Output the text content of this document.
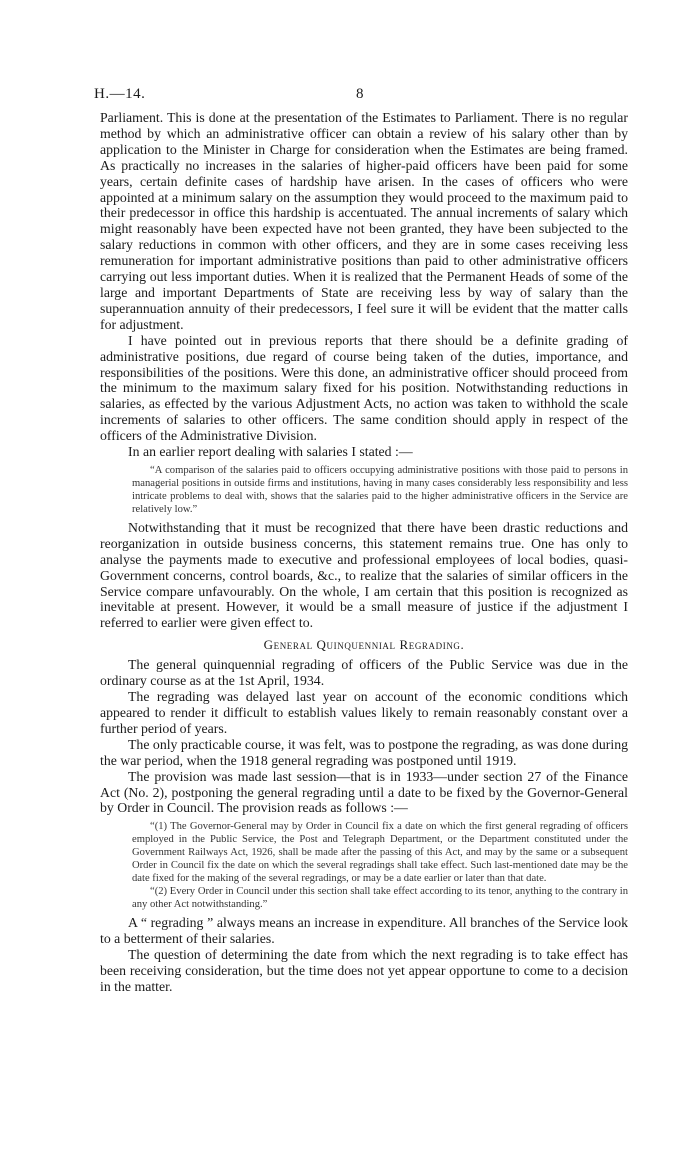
H.—14.	8

Parliament. This is done at the presentation of the Estimates to Parliament. There is no regular method by which an administrative officer can obtain a review of his salary other than by application to the Minister in Charge for consideration when the Estimates are being framed. As practically no increases in the salaries of higher-paid officers have been paid for some years, certain definite cases of hardship have arisen. In the cases of officers who were appointed at a minimum salary on the assumption they would proceed to the maximum paid to their predecessor in office this hardship is accentuated. The annual increments of salary which might reasonably have been expected have not been granted, they have been subjected to the salary reductions in common with other officers, and they are in some cases receiving less remuneration for important administrative positions than paid to other administrative officers carrying out less important duties. When it is realized that the Permanent Heads of some of the large and important Departments of State are receiving less by way of salary than the superannuation annuity of their predecessors, I feel sure it will be evident that the matter calls for adjustment.

I have pointed out in previous reports that there should be a definite grading of administrative positions, due regard of course being taken of the duties, importance, and responsibilities of the positions. Were this done, an administrative officer should proceed from the minimum to the maximum salary fixed for his position. Notwithstanding reductions in salaries, as effected by the various Adjustment Acts, no action was taken to withhold the scale increments of salaries to other officers. The same condition should apply in respect of the officers of the Administrative Division.

In an earlier report dealing with salaries I stated :—

“A comparison of the salaries paid to officers occupying administrative positions with those paid to persons in managerial positions in outside firms and institutions, having in many cases considerably less responsibility and less intricate problems to deal with, shows that the salaries paid to the higher administrative officers in the Service are relatively low.”

Notwithstanding that it must be recognized that there have been drastic reductions and reorganization in outside business concerns, this statement remains true. One has only to analyse the payments made to executive and professional employees of local bodies, quasi-Government concerns, control boards, &c., to realize that the salaries of similar officers in the Service compare unfavourably. On the whole, I am certain that this position is recognized as inevitable at present. However, it would be a small measure of justice if the adjustment I referred to earlier were given effect to.

General Quinquennial Regrading.

The general quinquennial regrading of officers of the Public Service was due in the ordinary course as at the 1st April, 1934.

The regrading was delayed last year on account of the economic conditions which appeared to render it difficult to establish values likely to remain reasonably constant over a further period of years.

The only practicable course, it was felt, was to postpone the regrading, as was done during the war period, when the 1918 general regrading was postponed until 1919.

The provision was made last session—that is in 1933—under section 27 of the Finance Act (No. 2), postponing the general regrading until a date to be fixed by the Governor-General by Order in Council. The provision reads as follows :—

“(1) The Governor-General may by Order in Council fix a date on which the first general regrading of officers employed in the Public Service, the Post and Telegraph Department, or the Department constituted under the Government Railways Act, 1926, shall be made after the passing of this Act, and may by the same or a subsequent Order in Council fix the date on which the several regradings shall take effect. Such last-mentioned date may be the date fixed for the making of the several regradings, or may be a date earlier or later than that date.
“(2) Every Order in Council under this section shall take effect according to its tenor, anything to the contrary in any other Act notwithstanding.”

A “ regrading ” always means an increase in expenditure. All branches of the Service look to a betterment of their salaries.

The question of determining the date from which the next regrading is to take effect has been receiving consideration, but the time does not yet appear opportune to come to a decision in the matter.
